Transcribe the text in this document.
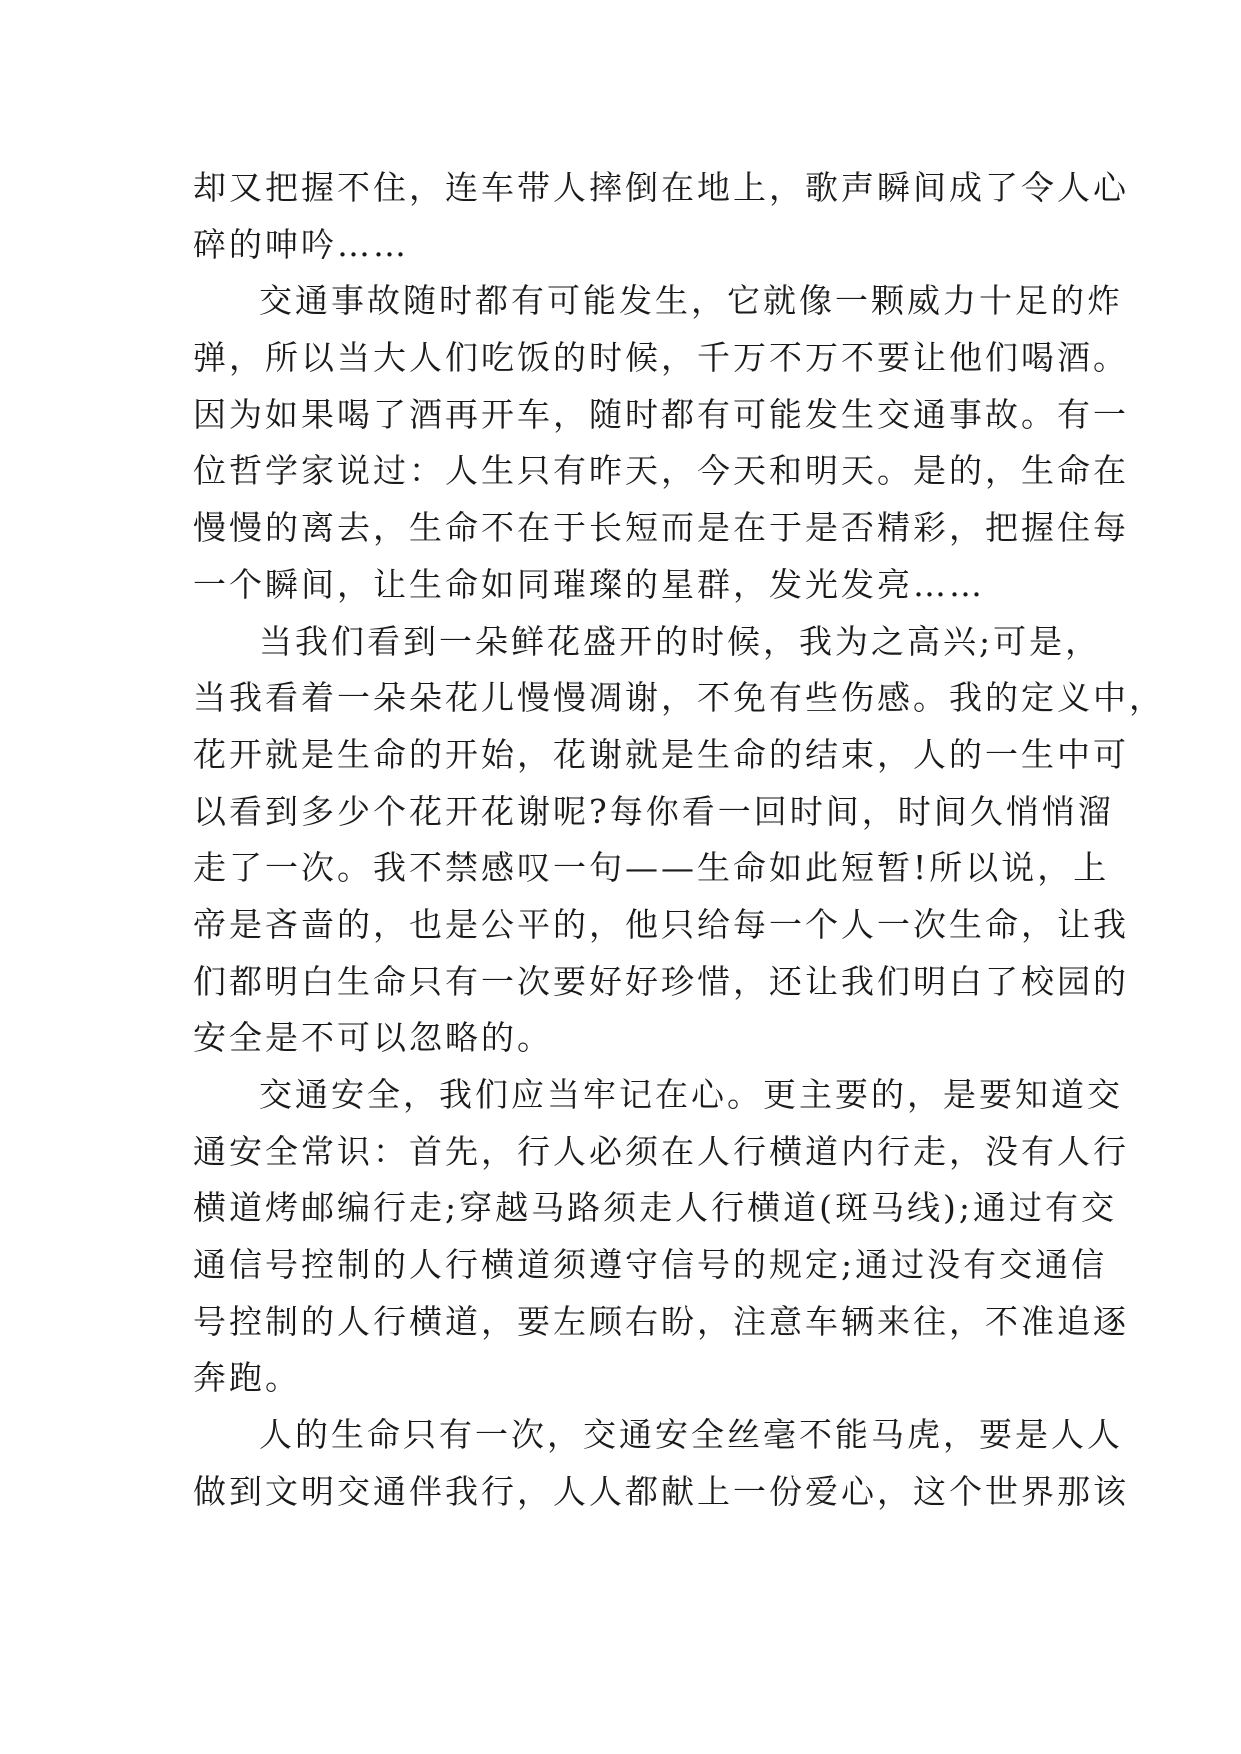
却又把握不住，连车带人摔倒在地上，歌声瞬间成了令人心
碎的呻吟……
交通事故随时都有可能发生，它就像一颗威力十足的炸
弹，所以当大人们吃饭的时候，千万不万不要让他们喝酒。
因为如果喝了酒再开车，随时都有可能发生交通事故。有一
位哲学家说过：人生只有昨天，今天和明天。是的，生命在
慢慢的离去，生命不在于长短而是在于是否精彩，把握住每
一个瞬间，让生命如同璀璨的星群，发光发亮……
当我们看到一朵鲜花盛开的时候，我为之高兴;可是，
当我看着一朵朵花儿慢慢凋谢，不免有些伤感。我的定义中，
花开就是生命的开始，花谢就是生命的结束，人的一生中可
以看到多少个花开花谢呢?每你看一回时间，时间久悄悄溜
走了一次。我不禁感叹一句——生命如此短暂!所以说，上
帝是吝啬的，也是公平的，他只给每一个人一次生命，让我
们都明白生命只有一次要好好珍惜，还让我们明白了校园的
安全是不可以忽略的。
交通安全，我们应当牢记在心。更主要的，是要知道交
通安全常识：首先，行人必须在人行横道内行走，没有人行
横道烤邮编行走;穿越马路须走人行横道(斑马线);通过有交
通信号控制的人行横道须遵守信号的规定;通过没有交通信
号控制的人行横道，要左顾右盼，注意车辆来往，不准追逐
奔跑。
人的生命只有一次，交通安全丝毫不能马虎，要是人人
做到文明交通伴我行，人人都献上一份爱心，这个世界那该
